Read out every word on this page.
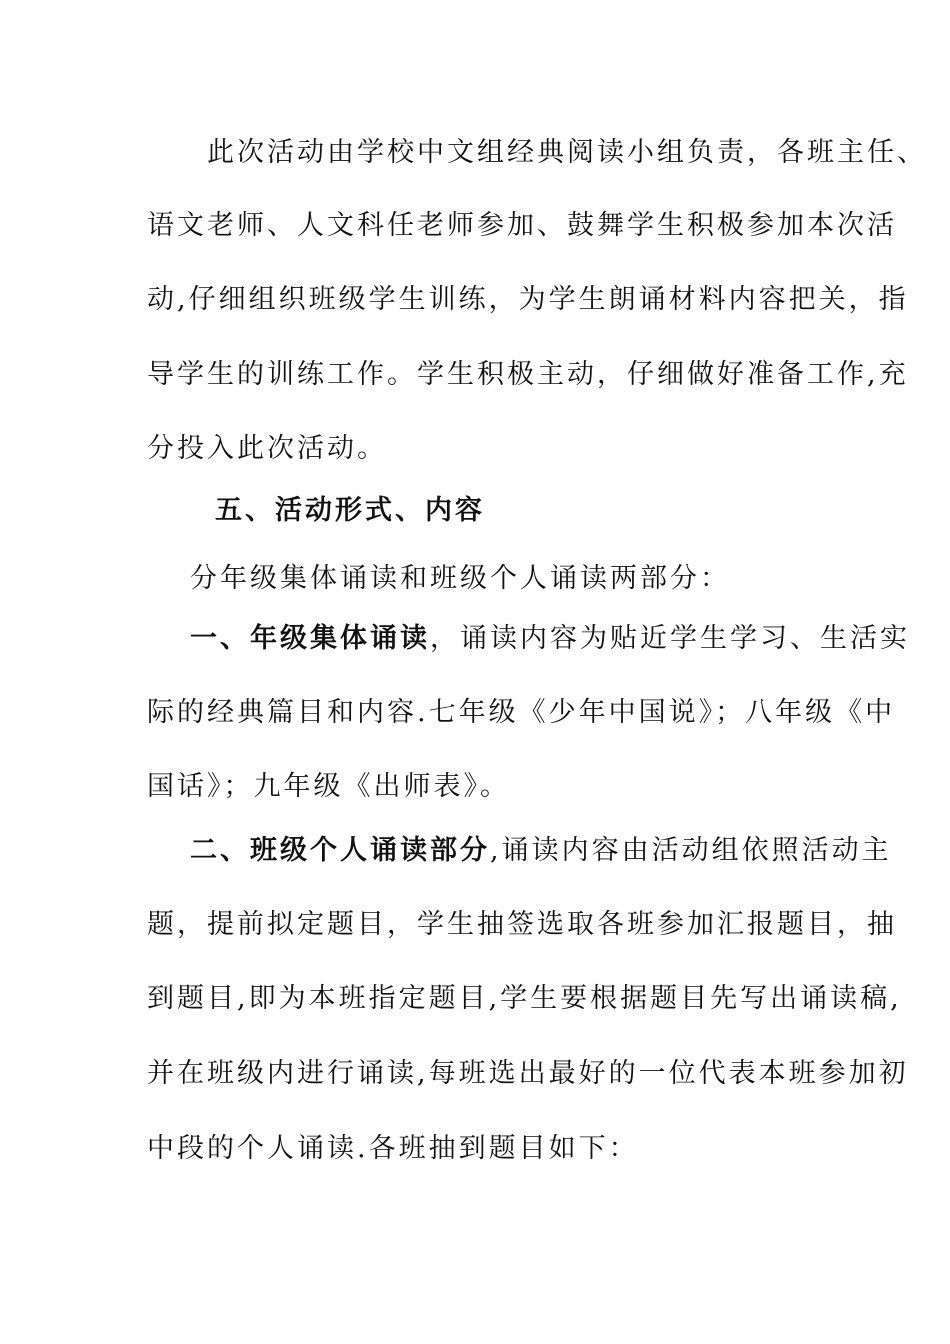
此次活动由学校中文组经典阅读小组负责，各班主任、
语文老师、人文科任老师参加、鼓舞学生积极参加本次活
动,仔细组织班级学生训练，为学生朗诵材料内容把关，指
导学生的训练工作。学生积极主动，仔细做好准备工作,充
分投入此次活动。
五、活动形式、内容
分年级集体诵读和班级个人诵读两部分：
一、年级集体诵读，诵读内容为贴近学生学习、生活实
际的经典篇目和内容.七年级《少年中国说》；八年级《中
国话》；九年级《出师表》。
二、班级个人诵读部分,诵读内容由活动组依照活动主
题，提前拟定题目，学生抽签选取各班参加汇报题目，抽
到题目,即为本班指定题目,学生要根据题目先写出诵读稿,
并在班级内进行诵读,每班选出最好的一位代表本班参加初
中段的个人诵读.各班抽到题目如下：
